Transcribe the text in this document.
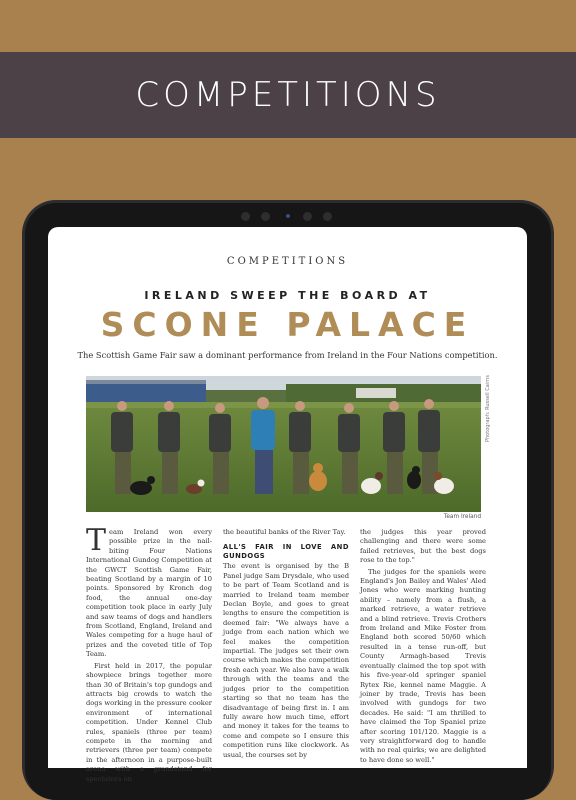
COMPETITIONS
COMPETITIONS
IRELAND SWEEP THE BOARD AT
SCONE PALACE
The Scottish Game Fair saw a dominant performance from Ireland in the Four Nations competition.
Photograph: Russell Cairns
Team Ireland

Team Ireland won every possible prize in the nail-biting Four Nations International Gundog Competition at the GWCT Scottish Game Fair, beating Scotland by a margin of 10 points. Sponsored by Kronch dog food, the annual one-day competition took place in early July and saw teams of dogs and handlers from Scotland, England, Ireland and Wales competing for a huge haul of prizes and the coveted title of Top Team.

First held in 2017, the popular showpiece brings together more than 30 of Britain's top gundogs and attracts big crowds to watch the dogs working in the pressure cooker environment of international competition. Under Kennel Club rules, spaniels (three per team) compete in the morning and retrievers (three per team) compete in the afternoon in a purpose-built arena with a grandstand for spectators on

the beautiful banks of the River Tay.

ALL'S FAIR IN LOVE AND GUNDOGS

The event is organised by the B Panel judge Sam Drysdale, who used to be part of Team Scotland and is married to Ireland team member Declan Boyle, and goes to great lengths to ensure the competition is deemed fair: "We always have a judge from each nation which we feel makes the competition impartial. The judges set their own course which makes the competition fresh each year. We also have a walk through with the teams and the judges prior to the competition starting so that no team has the disadvantage of being first in. I am fully aware how much time, effort and money it takes for the teams to come and compete so I ensure this competition runs like clockwork. As usual, the courses set by

the judges this year proved challenging and there were some failed retrieves, but the best dogs rose to the top."

The judges for the spaniels were England's Jon Bailey and Wales' Aled Jones who were marking hunting ability – namely from a flush, a marked retrieve, a water retrieve and a blind retrieve. Trevis Crothers from Ireland and Mike Foster from England both scored 50/60 which resulted in a tense run-off, but County Armagh-based Trevis eventually claimed the top spot with his five-year-old springer spaniel Rytex Rie, kennel name Maggie. A joiner by trade, Trevis has been involved with gundogs for two decades. He said: "I am thrilled to have claimed the Top Spaniel prize after scoring 101/120. Maggie is a very straightforward dog to handle with no real quirks; we are delighted to have done so well."
